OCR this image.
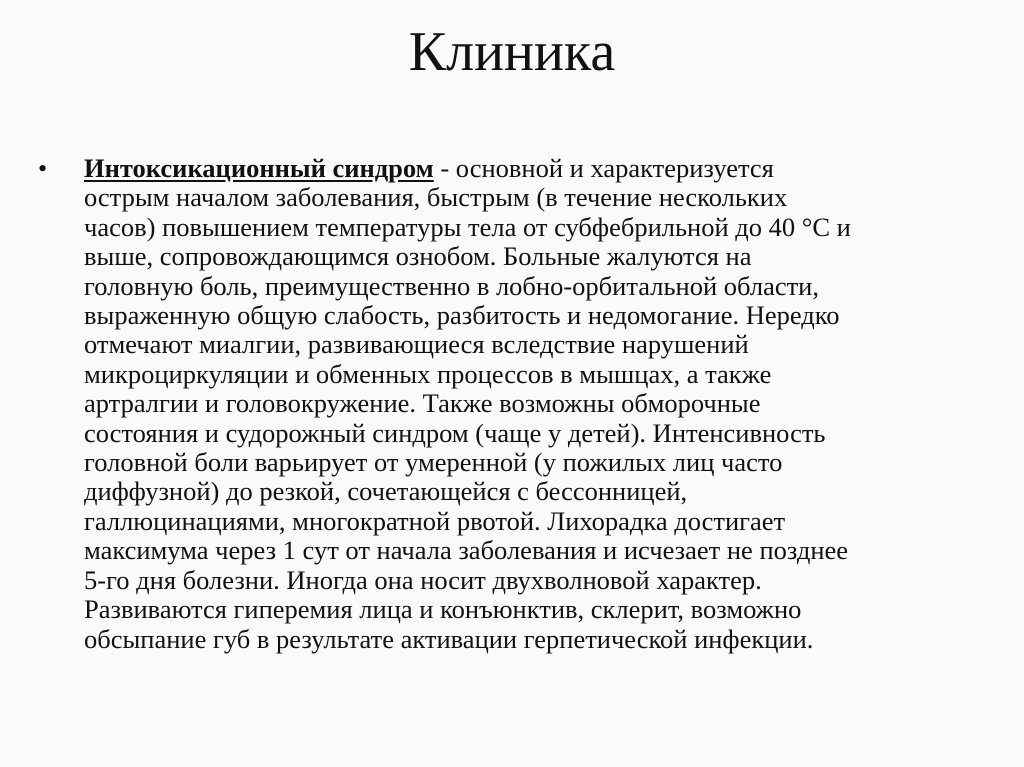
Клиника
• Интоксикационный синдром - основной и характеризуется
острым началом заболевания, быстрым (в течение нескольких
часов) повышением температуры тела от субфебрильной до 40 °С и
выше, сопровождающимся ознобом. Больные жалуются на
головную боль, преимущественно в лобно-орбитальной области,
выраженную общую слабость, разбитость и недомогание. Нередко
отмечают миалгии, развивающиеся вследствие нарушений
микроциркуляции и обменных процессов в мышцах, а также
артралгии и головокружение. Также возможны обморочные
состояния и судорожный синдром (чаще у детей). Интенсивность
головной боли варьирует от умеренной (у пожилых лиц часто
диффузной) до резкой, сочетающейся с бессонницей,
галлюцинациями, многократной рвотой. Лихорадка достигает
максимума через 1 сут от начала заболевания и исчезает не позднее
5-го дня болезни. Иногда она носит двухволновой характер.
Развиваются гиперемия лица и конъюнктив, склерит, возможно
обсыпание губ в результате активации герпетической инфекции.
